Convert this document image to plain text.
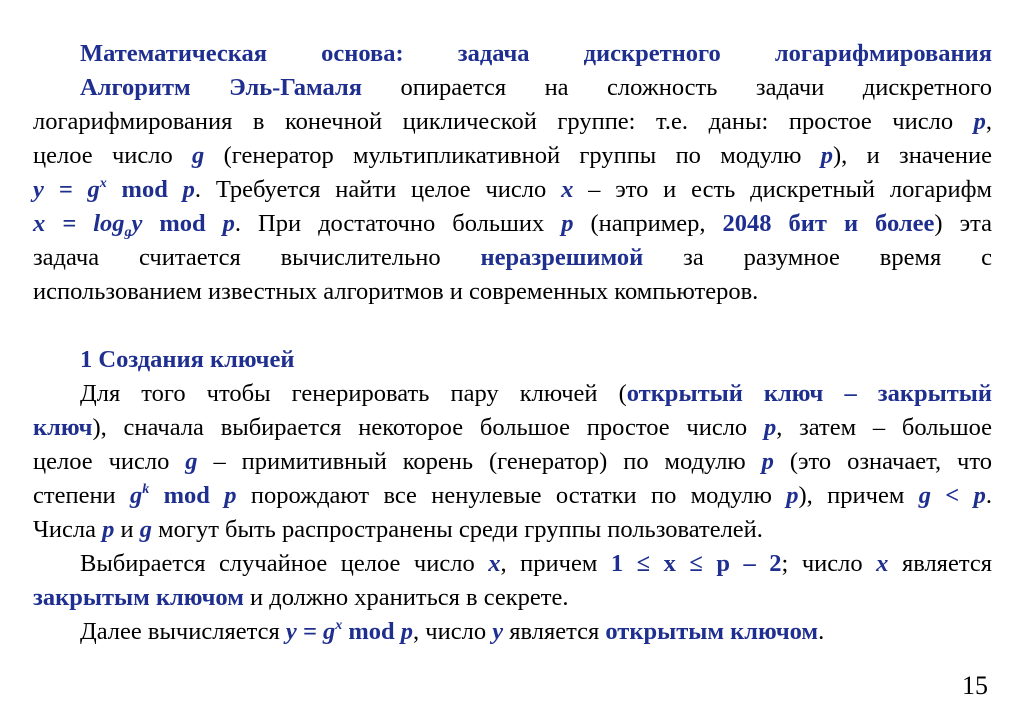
Математическая основа: задача дискретного логарифмирования
Алгоритм Эль-Гамаля опирается на сложность задачи дискретного
логарифмирования в конечной циклической группе: т.е. даны: простое число p,
целое число g (генератор мультипликативной группы по модулю p), и значение
$y = g^x$ mod p. Требуется найти целое число x – это и есть дискретный логарифм
$x = \log_gy$ mod p. При достаточно больших p (например, 2048 бит и более) эта
задача считается вычислительно неразрешимой за разумное время с
использованием известных алгоритмов и современных компьютеров.
1 Создания ключей
Для того чтобы генерировать пару ключей (открытый ключ – закрытый
ключ), сначала выбирается некоторое большое простое число p, затем – большое
целое число g – примитивный корень (генератор) по модулю p (это означает, что
степени $g^k$ mod p порождают все ненулевые остатки по модулю p), причем g < p.
Числа p и g могут быть распространены среди группы пользователей.
Выбирается случайное целое число x, причем 1 ≤ x ≤ p – 2; число x является
закрытым ключом и должно храниться в секрете.
Далее вычисляется $y = g^x$ mod p, число y является открытым ключом.
15
